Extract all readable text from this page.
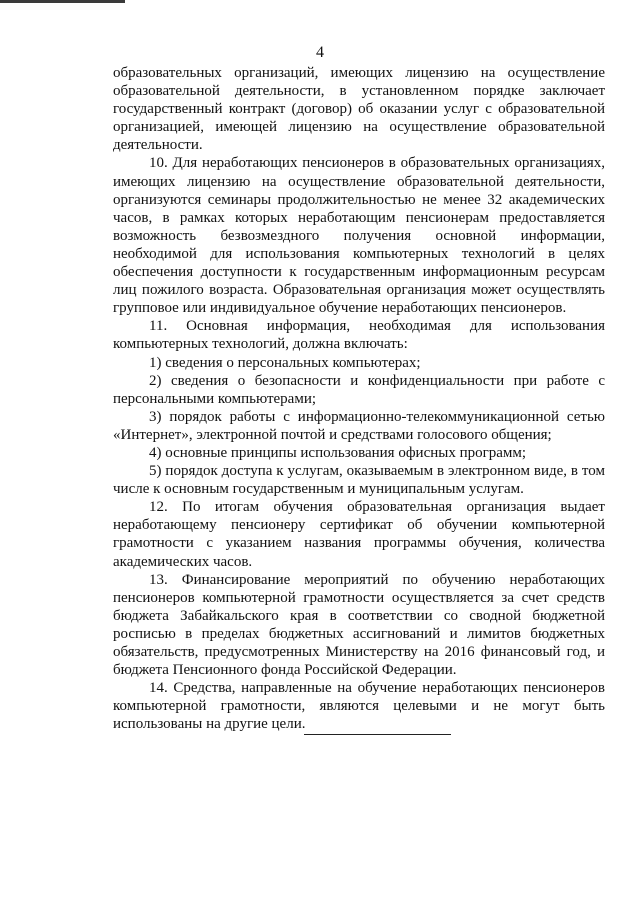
4

образовательных организаций, имеющих лицензию на осуществление образовательной деятельности, в установленном порядке заключает государственный контракт (договор) об оказании услуг с образовательной организацией, имеющей лицензию на осуществление образовательной деятельности.

10. Для неработающих пенсионеров в образовательных организациях, имеющих лицензию на осуществление образовательной деятельности, организуются семинары продолжительностью не менее 32 академических часов, в рамках которых неработающим пенсионерам предоставляется возможность безвозмездного получения основной информации, необходимой для использования компьютерных технологий в целях обеспечения доступности к государственным информационным ресурсам лиц пожилого возраста. Образовательная организация может осуществлять групповое или индивидуальное обучение неработающих пенсионеров.

11. Основная информация, необходимая для использования компьютерных технологий, должна включать:

1) сведения о персональных компьютерах;

2) сведения о безопасности и конфиденциальности при работе с персональными компьютерами;

3) порядок работы с информационно-телекоммуникационной сетью «Интернет», электронной почтой и средствами голосового общения;

4) основные принципы использования офисных программ;

5) порядок доступа к услугам, оказываемым в электронном виде, в том числе к основным государственным и муниципальным услугам.

12. По итогам обучения образовательная организация выдает неработающему пенсионеру сертификат об обучении компьютерной грамотности с указанием названия программы обучения, количества академических часов.

13. Финансирование мероприятий по обучению неработающих пенсионеров компьютерной грамотности осуществляется за счет средств бюджета Забайкальского края в соответствии со сводной бюджетной росписью в пределах бюджетных ассигнований и лимитов бюджетных обязательств, предусмотренных Министерству на 2016 финансовый год, и бюджета Пенсионного фонда Российской Федерации.

14. Средства, направленные на обучение неработающих пенсионеров компьютерной грамотности, являются целевыми и не могут быть использованы на другие цели.
